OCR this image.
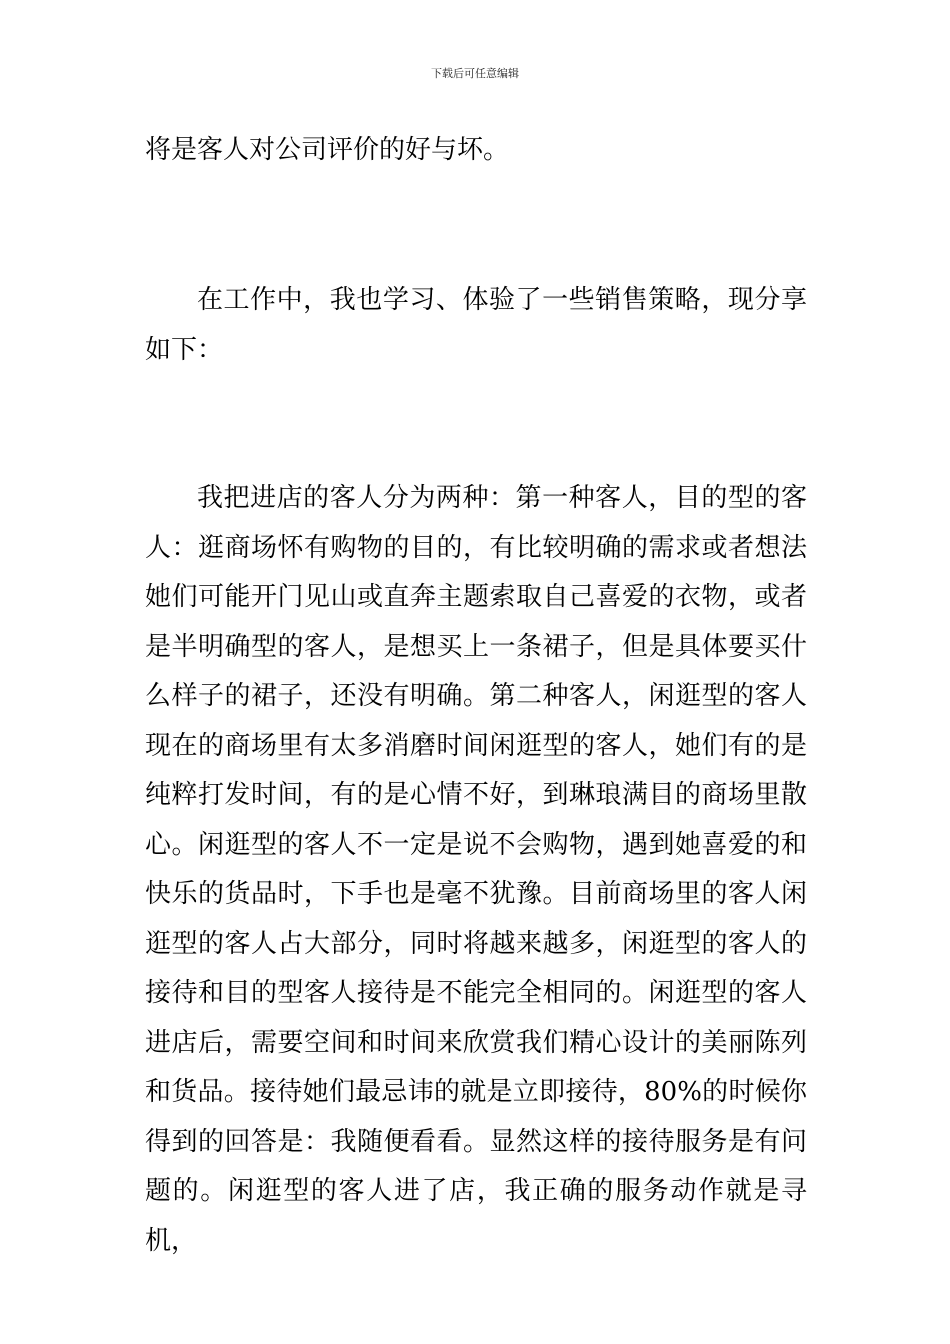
下载后可任意编辑

将是客人对公司评价的好与坏。

在工作中，我也学习、体验了一些销售策略，现分享如下：

我把进店的客人分为两种：第一种客人，目的型的客人：逛商场怀有购物的目的，有比较明确的需求或者想法她们可能开门见山或直奔主题索取自己喜爱的衣物，或者是半明确型的客人，是想买上一条裙子，但是具体要买什么样子的裙子，还没有明确。第二种客人，闲逛型的客人现在的商场里有太多消磨时间闲逛型的客人，她们有的是纯粹打发时间，有的是心情不好，到琳琅满目的商场里散心。闲逛型的客人不一定是说不会购物，遇到她喜爱的和快乐的货品时，下手也是毫不犹豫。目前商场里的客人闲逛型的客人占大部分，同时将越来越多，闲逛型的客人的接待和目的型客人接待是不能完全相同的。闲逛型的客人进店后，需要空间和时间来欣赏我们精心设计的美丽陈列和货品。接待她们最忌讳的就是立即接待，80%的时候你得到的回答是：我随便看看。显然这样的接待服务是有问题的。闲逛型的客人进了店，我正确的服务动作就是寻机，
